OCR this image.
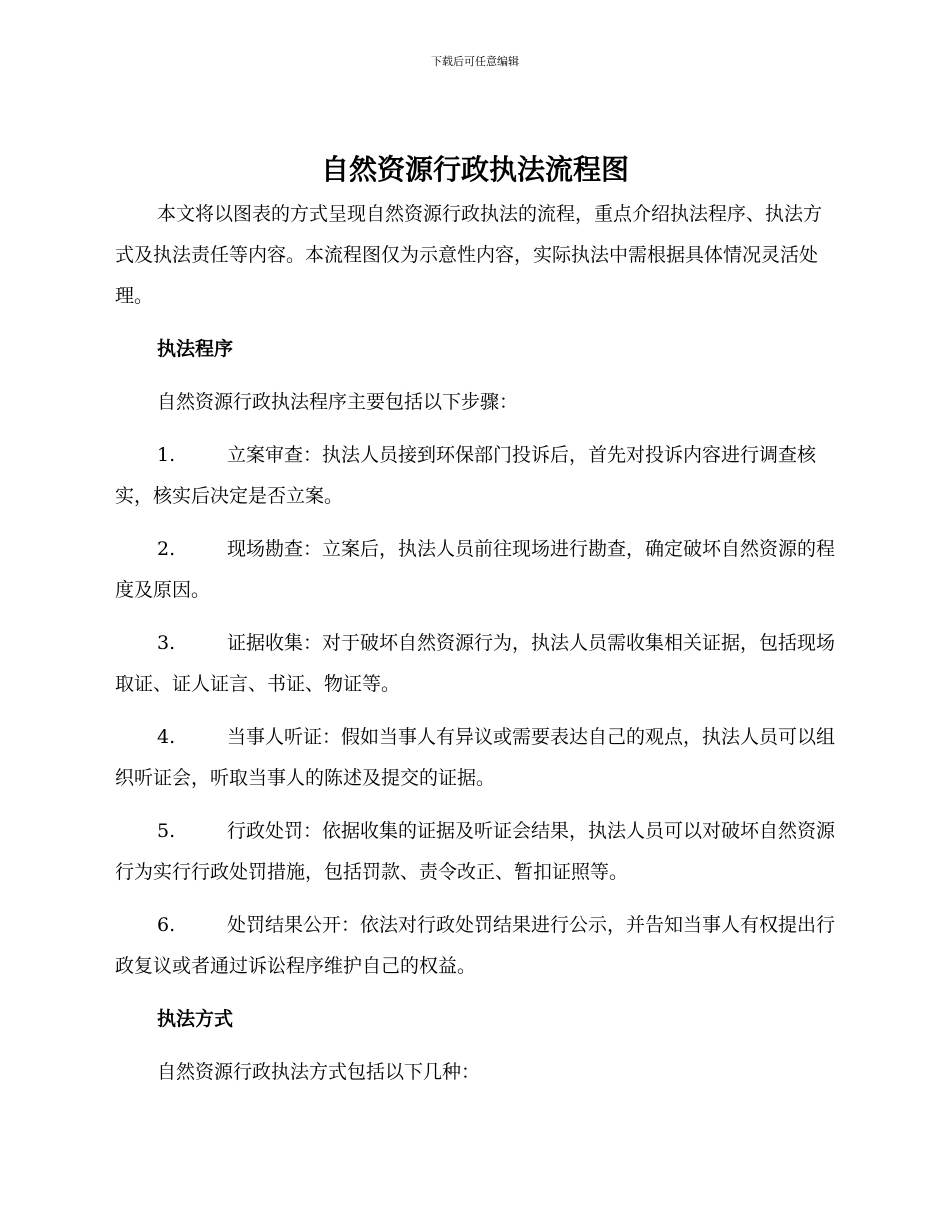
下载后可任意编辑
自然资源行政执法流程图

本文将以图表的方式呈现自然资源行政执法的流程，重点介绍执法程序、执法方式及执法责任等内容。本流程图仅为示意性内容，实际执法中需根据具体情况灵活处理。

执法程序

自然资源行政执法程序主要包括以下步骤：

1.	立案审查：执法人员接到环保部门投诉后，首先对投诉内容进行调查核实，核实后决定是否立案。
2.	现场勘查：立案后，执法人员前往现场进行勘查，确定破坏自然资源的程度及原因。
3.	证据收集：对于破坏自然资源行为，执法人员需收集相关证据，包括现场取证、证人证言、书证、物证等。
4.	当事人听证：假如当事人有异议或需要表达自己的观点，执法人员可以组织听证会，听取当事人的陈述及提交的证据。
5.	行政处罚：依据收集的证据及听证会结果，执法人员可以对破坏自然资源行为实行行政处罚措施，包括罚款、责令改正、暂扣证照等。
6.	处罚结果公开：依法对行政处罚结果进行公示，并告知当事人有权提出行政复议或者通过诉讼程序维护自己的权益。

执法方式

自然资源行政执法方式包括以下几种：
